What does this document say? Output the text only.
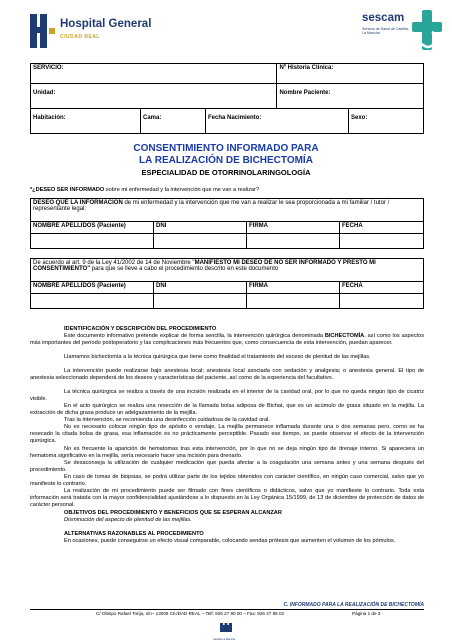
Hospital General
CIUDAD REAL
sescam
Servicio de Salud de Castilla-La Mancha
SERVICIO:			Nº Historia Clínica:	
Unidad:			Nombre Paciente:	
Habitación:	Cama:	Fecha Nacimiento:		Sexo:
CONSENTIMIENTO INFORMADO PARA
LA REALIZACIÓN DE BICHECTOMÍA
ESPECIALIDAD DE OTORRINOLARINGOLOGÍA
*¿DESEO SER INFORMADO sobre mi enfermedad y la intervención que me van a realizar?
DESEO QUE LA INFORMACIÓN de mi enfermedad y la intervención que me van a realizar le sea proporcionada a mi familiar / tutor / representante legal:			
NOMBRE APELLIDOS (Paciente)	DNI	FIRMA	FECHA

De acuerdo al art. 9 de la Ley 41/2002 de 14 de Noviembre "MANIFIESTO MI DESEO DE NO SER INFORMADO Y PRESTO MI CONSENTIMIENTO" para que se lleve a cabo el procedimiento descrito en este documento			
NOMBRE APELLIDOS (Paciente)	DNI	FIRMA	FECHA

IDENTIFICACIÓN Y DESCRIPCIÓN DEL PROCEDIMIENTO
Este documento informativo pretende explicar de forma sencilla, la intervención quirúrgica denominada BICHECTOMÍA, así como los aspectos más importantes del período postoperatorio y las complicaciones más frecuentes que, como consecuencia de esta intervención, puedan aparecer.
Llamamos bichectomía a la técnica quirúrgica que tiene como finalidad el tratamiento del exceso de plenitud de las mejillas.
La intervención puede realizarse bajo anestesia local; anestesia local asociada con sedación y analgesia; o anestesia general. El tipo de anestesia seleccionado dependerá de los deseos y características del paciente, así como de la experiencia del facultativo.
La técnica quirúrgica se realiza a través de una incisión realizada en el interior de la cavidad oral, por lo que no queda ningún tipo de cicatriz visible.
En el acto quirúrgico se realiza una resección de la llamada bolsa adiposa de Bichat, que es un acúmulo de grasa situado en la mejilla. La extracción de dicha grasa produce un adelgazamiento de la mejilla.
Tras la intervención, se recomienda una desinfección cuidadosa de la cavidad oral.
No es necesario colocar ningún tipo de apósito o vendaje. La mejilla permanece inflamada durante una o dos semanas pero, como se ha resecado la citada bolsa de grasa, esa inflamación es no prácticamente perceptible. Pasado ese tiempo, se puede observar el efecto de la intervención quirúrgica.
No es frecuente la aparición de hematomas tras esta intervención, por lo que no se deja ningún tipo de drenaje interno. Si apareciera un hematoma significativo en la mejilla, sería necesario hacer una incisión para drenarlo.
Se desaconseja la utilización de cualquier medicación que pueda afectar a la coagulación una semana antes y una semana después del procedimiento.
En caso de tomas de biopsias, se podrá utilizar parte de los tejidos obtenidos con carácter científico, en ningún caso comercial, salvo que yo manifieste lo contrario.
La realización de mi procedimiento puede ser filmado con fines científicos o didácticos, salvo que yo manifieste lo contrario. Toda esta información será tratada con la mayor confidencialidad ajustándose a lo dispuesto en la Ley Orgánica 15/1999, de 13 de diciembre de protección de datos de carácter personal.
OBJETIVOS DEL PROCEDIMIENTO Y BENEFICIOS QUE SE ESPERAN ALCANZAR
Disminución del aspecto de plenitud de las mejillas.
ALTERNATIVAS RAZONABLES AL PROCEDIMIENTO
En ocasiones, puede conseguirse un efecto visual comparable, colocando sendas prótesis que aumenten el volumen de los pómulos.
C. INFORMADO PARA LA REALIZACIÓN DE BICHECTOMÍA
C/ Obispo Rafael Torija, s/n– 13005 CIUDAD REAL – Telf: 926 27 80 00 – Fax: 926 27 85 02	Página 1 de 3
Castilla-La Mancha
